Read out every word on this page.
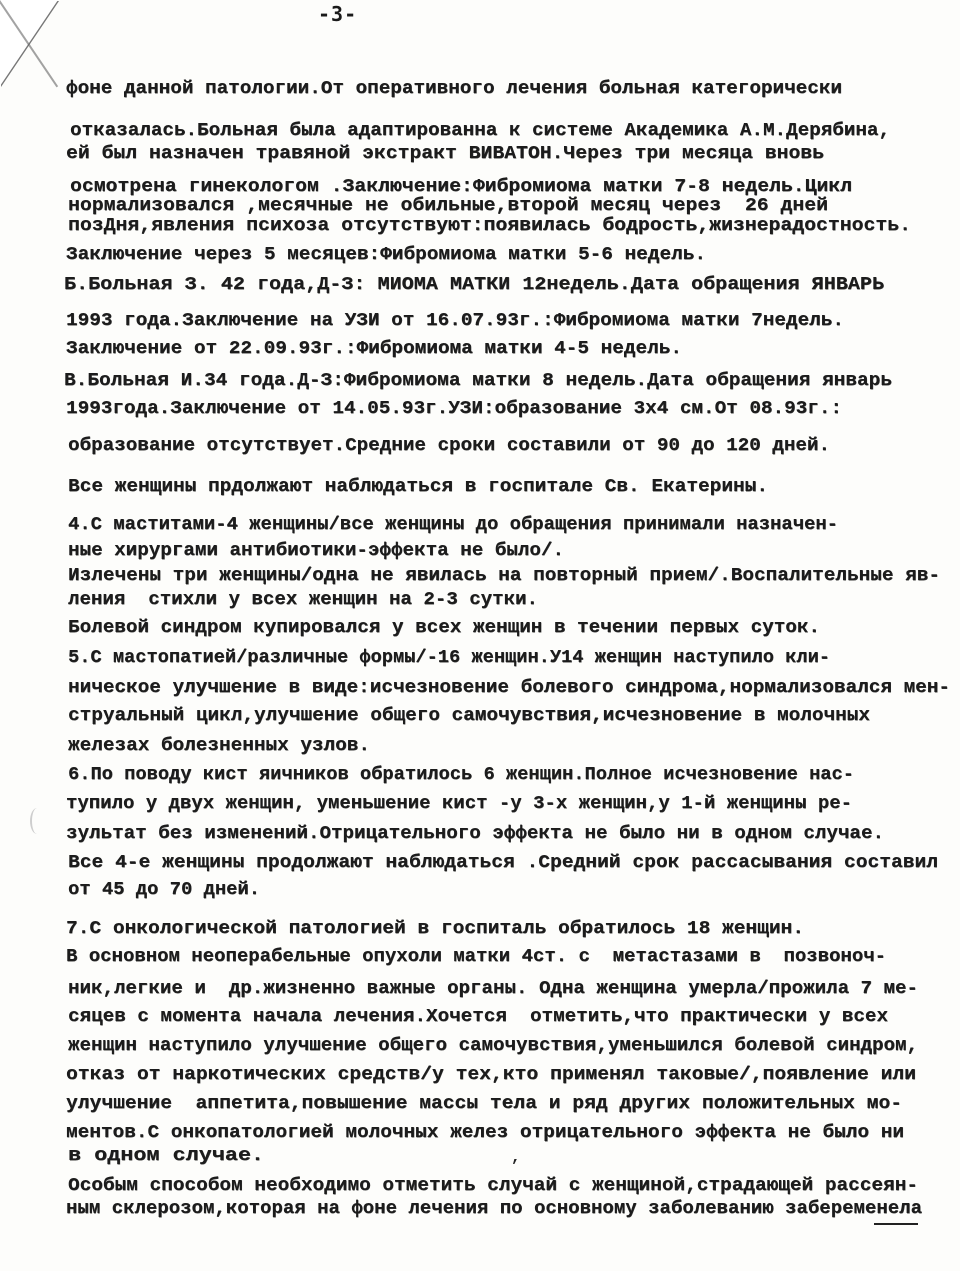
-3-
фоне данной патологии.От оперативного лечения больная категорически
отказалась.Больная была адаптированна к системе Академика А.М.Дерябина,
ей был назначен травяной экстракт ВИВАТОН.Через три месяца вновь
осмотрена гинекологом .Заключение:Фибромиома матки 7-8 недель.Цикл
нормализовался ,месячные не обильные,второй месяц через  26 дней
позДня,явления психоза отсутствуют:появилась бодрость,жизнерадостность.
Заключение через 5 месяцев:Фибромиома матки 5-6 недель.
Б.Больная З. 42 года,Д-З: МИОМА МАТКИ 12недель.Дата обращения ЯНВАРЬ
1993 года.Заключение на УЗИ от 16.07.93г.:Фибромиома матки 7недель.
Заключение от 22.09.93г.:Фибромиома матки 4-5 недель.
В.Больная И.34 года.Д-З:Фибромиома матки 8 недель.Дата обращения январь
1993года.Заключение от 14.05.93г.УЗИ:образование 3х4 см.От 08.93г.:
образование отсутствует.Средние сроки составили от 90 до 120 дней.
Все женщины прдолжают наблюдаться в госпитале Св. Екатерины.
4.С маститами-4 женщины/все женщины до обращения принимали назначен-
ные хирургами антибиотики-эффекта не было/.
Излечены три женщины/одна не явилась на повторный прием/.Воспалительные яв-
ления  стихли у всех женщин на 2-3 сутки.
Болевой синдром купировался у всех женщин в течении первых суток.
5.С мастопатией/различные формы/-16 женщин.У14 женщин наступило кли-
ническое улучшение в виде:исчезновение болевого синдрома,нормализовался мен-
струальный цикл,улучшение общего самочувствия,исчезновение в молочных
железах болезненных узлов.
6.По поводу кист яичников обратилось 6 женщин.Полное исчезновение нас-
тупило у двух женщин, уменьшение кист -у 3-х женщин,у 1-й женщины ре-
зультат без изменений.Отрицательного эффекта не было ни в одном случае.
Все 4-е женщины продолжают наблюдаться .Средний срок рассасывания составил
от 45 до 70 дней.
7.С онкологической патологией в госпиталь обратилось 18 женщин.
В основном неоперабельные опухоли матки 4ст. с  метастазами в  позвоноч-
ник,легкие и  др.жизненно важные органы. Одна женщина умерла/прожила 7 ме-
сяцев с момента начала лечения.Хочется  отметить,что практически у всех
женщин наступило улучшение общего самочувствия,уменьшился болевой синдром,
отказ от наркотических средств/у тех,кто применял таковые/,появление или
улучшение  аппетита,повышение массы тела и ряд других положительных мо-
ментов.С онкопатологией молочных желез отрицательного эффекта не было ни
в одном случае.
Особым способом необходимо отметить случай с женщиной,страдающей рассеян-
ным склерозом,которая на фоне лечения по основному заболеванию забеременела
,
